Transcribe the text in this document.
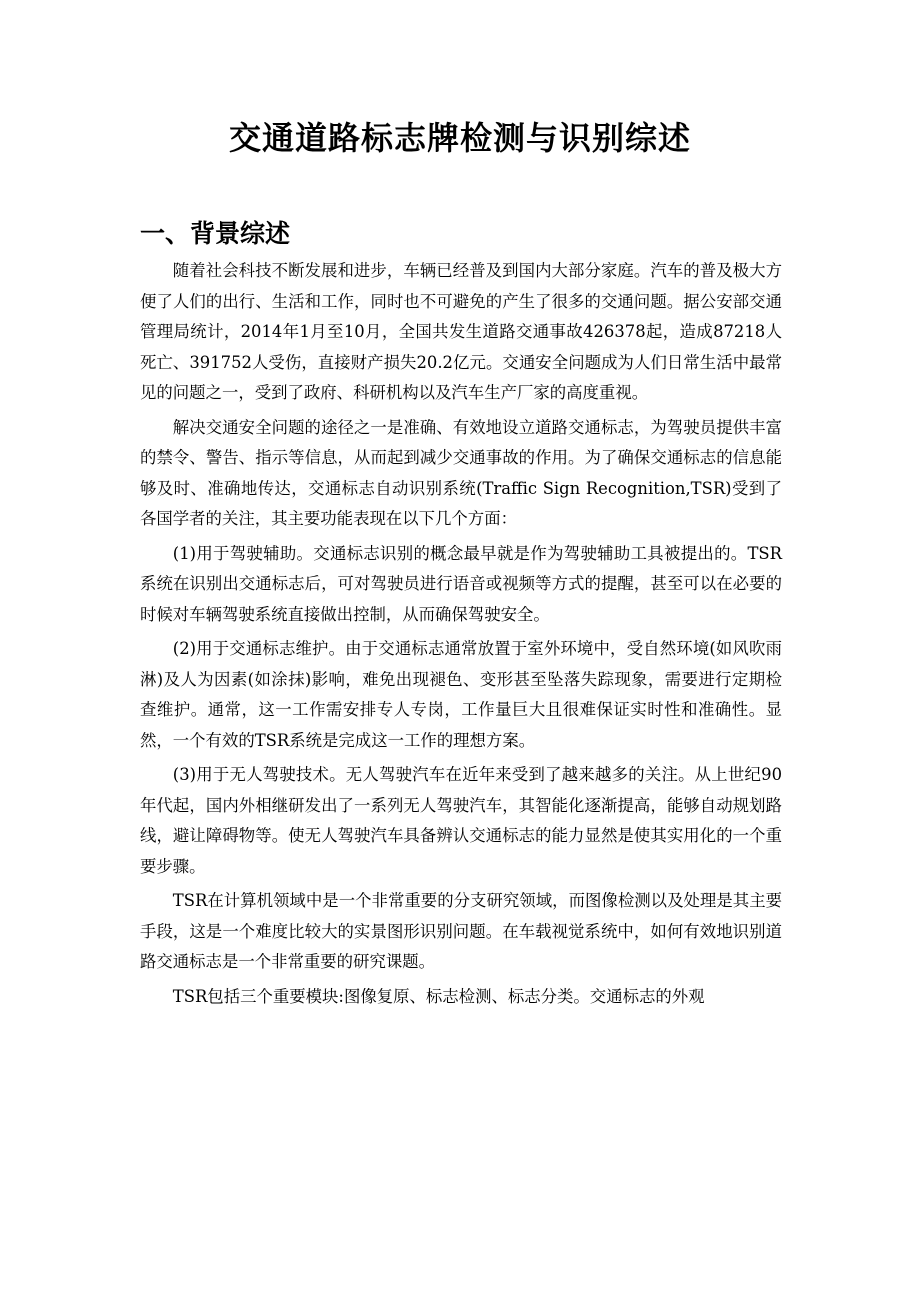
交通道路标志牌检测与识别综述
一、背景综述

随着社会科技不断发展和进步，车辆已经普及到国内大部分家庭。汽车的普及极大方便了人们的出行、生活和工作，同时也不可避免的产生了很多的交通问题。据公安部交通管理局统计，2014年1月至10月，全国共发生道路交通事故426378起，造成87218人死亡、391752人受伤，直接财产损失20.2亿元。交通安全问题成为人们日常生活中最常见的问题之一，受到了政府、科研机构以及汽车生产厂家的高度重视。

解决交通安全问题的途径之一是准确、有效地设立道路交通标志，为驾驶员提供丰富的禁令、警告、指示等信息，从而起到减少交通事故的作用。为了确保交通标志的信息能够及时、准确地传达，交通标志自动识别系统(Traffic Sign Recognition,TSR)受到了各国学者的关注，其主要功能表现在以下几个方面：

(1)用于驾驶辅助。交通标志识别的概念最早就是作为驾驶辅助工具被提出的。TSR系统在识别出交通标志后，可对驾驶员进行语音或视频等方式的提醒，甚至可以在必要的时候对车辆驾驶系统直接做出控制，从而确保驾驶安全。

(2)用于交通标志维护。由于交通标志通常放置于室外环境中，受自然环境(如风吹雨淋)及人为因素(如涂抹)影响，难免出现褪色、变形甚至坠落失踪现象，需要进行定期检查维护。通常，这一工作需安排专人专岗，工作量巨大且很难保证实时性和准确性。显然，一个有效的TSR系统是完成这一工作的理想方案。

(3)用于无人驾驶技术。无人驾驶汽车在近年来受到了越来越多的关注。从上世纪90年代起，国内外相继研发出了一系列无人驾驶汽车，其智能化逐渐提高，能够自动规划路线，避让障碍物等。使无人驾驶汽车具备辨认交通标志的能力显然是使其实用化的一个重要步骤。

TSR在计算机领域中是一个非常重要的分支研究领域，而图像检测以及处理是其主要手段，这是一个难度比较大的实景图形识别问题。在车载视觉系统中，如何有效地识别道路交通标志是一个非常重要的研究课题。

TSR包括三个重要模块:图像复原、标志检测、标志分类。交通标志的外观
